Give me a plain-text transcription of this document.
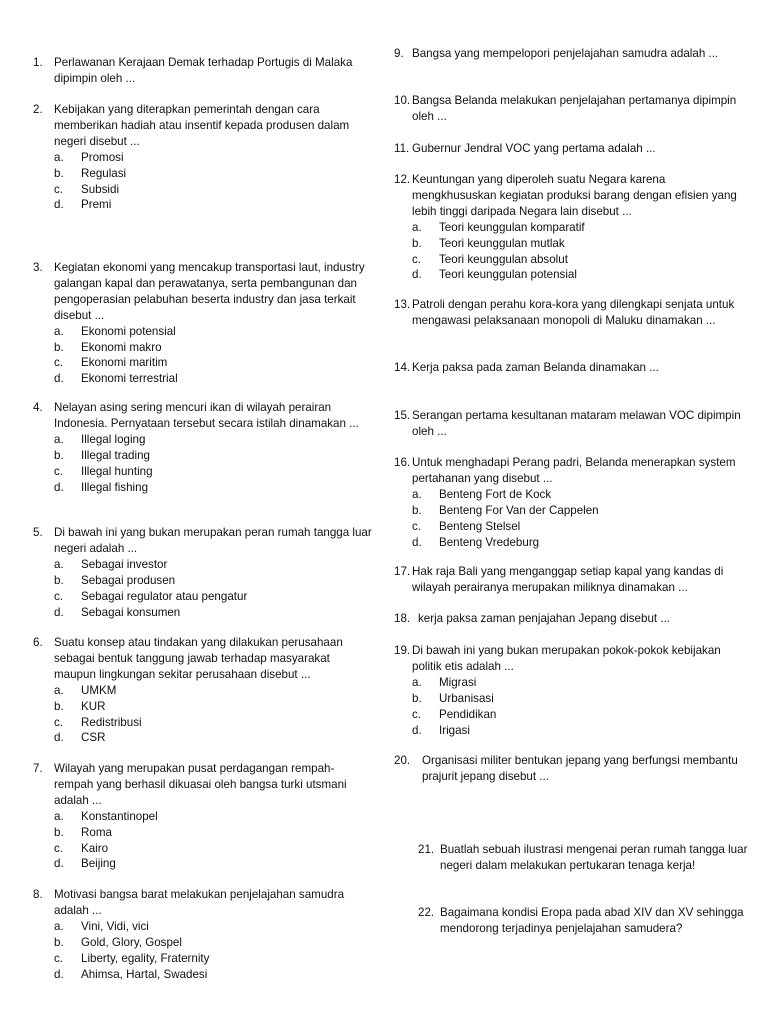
1. Perlawanan Kerajaan Demak terhadap Portugis di Malaka dipimpin oleh ...
2. Kebijakan yang diterapkan pemerintah dengan cara memberikan hadiah atau insentif kepada produsen dalam negeri disebut ...
a.	Promosi
b.	Regulasi
c.	Subsidi
d.	Premi
3. Kegiatan ekonomi yang mencakup transportasi laut, industry galangan kapal dan perawatanya, serta pembangunan dan pengoperasian pelabuhan beserta industry dan jasa terkait disebut ...
a.	Ekonomi potensial
b.	Ekonomi makro
c.	Ekonomi maritim
d.	Ekonomi terrestrial
4. Nelayan asing sering mencuri ikan di wilayah perairan Indonesia. Pernyataan tersebut secara istilah dinamakan ...
a.	Illegal loging
b.	Illegal trading
c.	Illegal hunting
d.	Illegal fishing
5. Di bawah ini yang bukan merupakan peran rumah tangga luar negeri adalah ...
a.	Sebagai investor
b.	Sebagai produsen
c.	Sebagai regulator atau pengatur
d.	Sebagai konsumen
6. Suatu konsep atau tindakan yang dilakukan perusahaan sebagai bentuk tanggung jawab terhadap masyarakat maupun lingkungan sekitar perusahaan disebut ...
a.	UMKM
b.	KUR
c.	Redistribusi
d.	CSR
7. Wilayah yang merupakan pusat perdagangan rempah-rempah yang berhasil dikuasai oleh bangsa turki utsmani adalah ...
a.	Konstantinopel
b.	Roma
c.	Kairo
d.	Beijing
8. Motivasi bangsa barat melakukan penjelajahan samudra adalah ...
a.	Vini, Vidi, vici
b.	Gold, Glory, Gospel
c.	Liberty, egality, Fraternity
d.	Ahimsa, Hartal, Swadesi
9. Bangsa yang mempelopori penjelajahan samudra adalah ...
10. Bangsa Belanda melakukan penjelajahan pertamanya dipimpin oleh ...
11. Gubernur Jendral VOC yang pertama adalah ...
12. Keuntungan yang diperoleh suatu Negara karena mengkhususkan kegiatan produksi barang dengan efisien yang lebih tinggi daripada Negara lain disebut ...
a.	Teori keunggulan komparatif
b.	Teori keunggulan mutlak
c.	Teori keunggulan absolut
d.	Teori keunggulan potensial
13. Patroli dengan perahu kora-kora yang dilengkapi senjata untuk mengawasi pelaksanaan monopoli di Maluku dinamakan ...
14. Kerja paksa pada zaman Belanda dinamakan ...
15. Serangan pertama kesultanan mataram melawan VOC dipimpin oleh ...
16. Untuk menghadapi Perang padri, Belanda menerapkan system pertahanan yang disebut ...
a.	Benteng Fort de Kock
b.	Benteng For Van der Cappelen
c.	Benteng Stelsel
d.	Benteng Vredeburg
17. Hak raja Bali yang menganggap setiap kapal yang kandas di wilayah perairanya merupakan miliknya dinamakan ...
18. kerja paksa zaman penjajahan Jepang disebut ...
19. Di bawah ini yang bukan merupakan pokok-pokok kebijakan politik etis adalah ...
a.	Migrasi
b.	Urbanisasi
c.	Pendidikan
d.	Irigasi
20.	Organisasi militer bentukan jepang yang berfungsi membantu prajurit jepang disebut ...
21. Buatlah sebuah ilustrasi mengenai peran rumah tangga luar negeri dalam melakukan pertukaran tenaga kerja!
22. Bagaimana kondisi Eropa pada abad XIV dan XV sehingga mendorong terjadinya penjelajahan samudera?
